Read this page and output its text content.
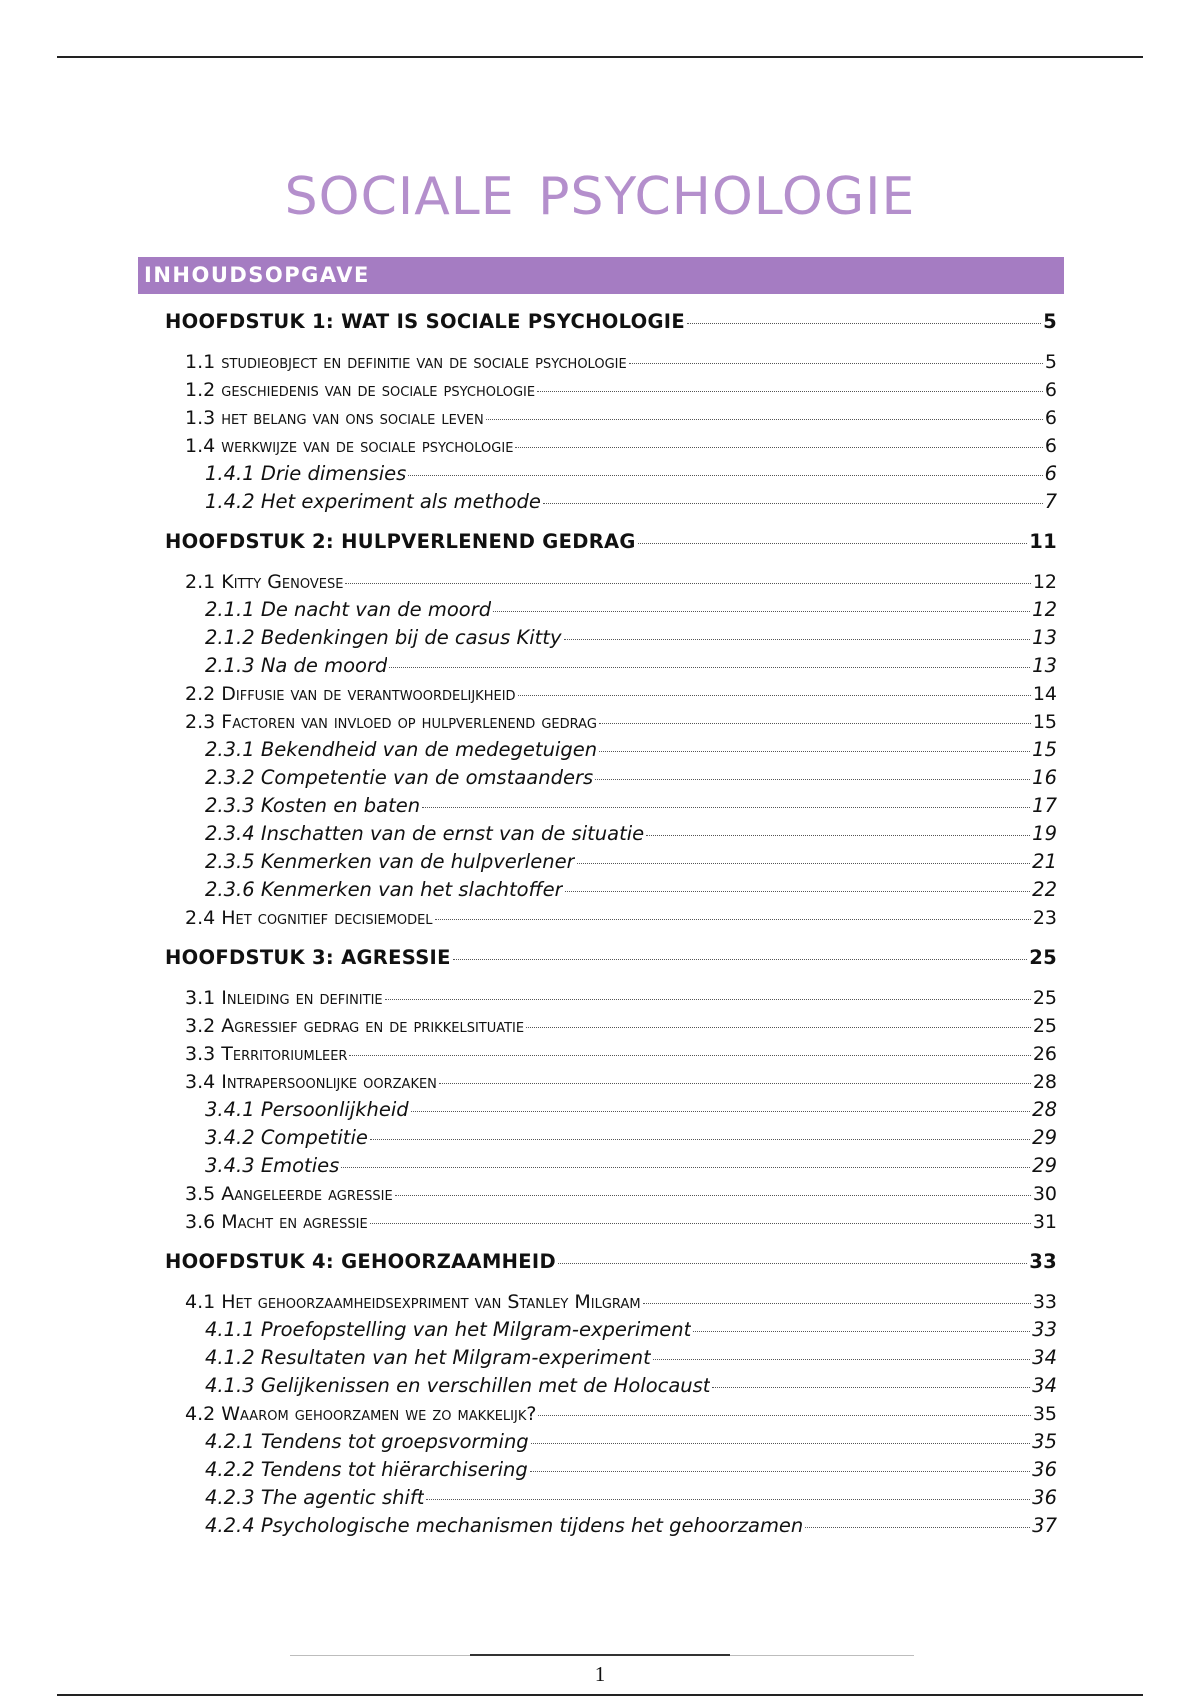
SOCIALE PSYCHOLOGIE
INHOUDSOPGAVE
HOOFDSTUK 1: WAT IS SOCIALE PSYCHOLOGIE	5
1.1 studieobject en definitie van de sociale psychologie	5
1.2 geschiedenis van de sociale psychologie	6
1.3 het belang van ons sociale leven	6
1.4 werkwijze van de sociale psychologie	6
1.4.1 Drie dimensies	6
1.4.2 Het experiment als methode	7
HOOFDSTUK 2: HULPVERLENEND GEDRAG	11
2.1 Kitty Genovese	12
2.1.1 De nacht van de moord	12
2.1.2 Bedenkingen bij de casus Kitty	13
2.1.3 Na de moord	13
2.2 Diffusie van de verantwoordelijkheid	14
2.3 Factoren van invloed op hulpverlenend gedrag	15
2.3.1 Bekendheid van de medegetuigen	15
2.3.2 Competentie van de omstaanders	16
2.3.3 Kosten en baten	17
2.3.4 Inschatten van de ernst van de situatie	19
2.3.5 Kenmerken van de hulpverlener	21
2.3.6 Kenmerken van het slachtoffer	22
2.4 Het cognitief decisiemodel	23
HOOFDSTUK 3: AGRESSIE	25
3.1 Inleiding en definitie	25
3.2 Agressief gedrag en de prikkelsituatie	25
3.3 Territoriumleer	26
3.4 Intrapersoonlijke oorzaken	28
3.4.1 Persoonlijkheid	28
3.4.2 Competitie	29
3.4.3 Emoties	29
3.5 Aangeleerde agressie	30
3.6 Macht en agressie	31
HOOFDSTUK 4: GEHOORZAAMHEID	33
4.1 Het gehoorzaamheidsexpriment van Stanley Milgram	33
4.1.1 Proefopstelling van het Milgram-experiment	33
4.1.2 Resultaten van het Milgram-experiment	34
4.1.3 Gelijkenissen en verschillen met de Holocaust	34
4.2 Waarom gehoorzamen we zo makkelijk?	35
4.2.1 Tendens tot groepsvorming	35
4.2.2 Tendens tot hiërarchisering	36
4.2.3 The agentic shift	36
4.2.4 Psychologische mechanismen tijdens het gehoorzamen	37
1
